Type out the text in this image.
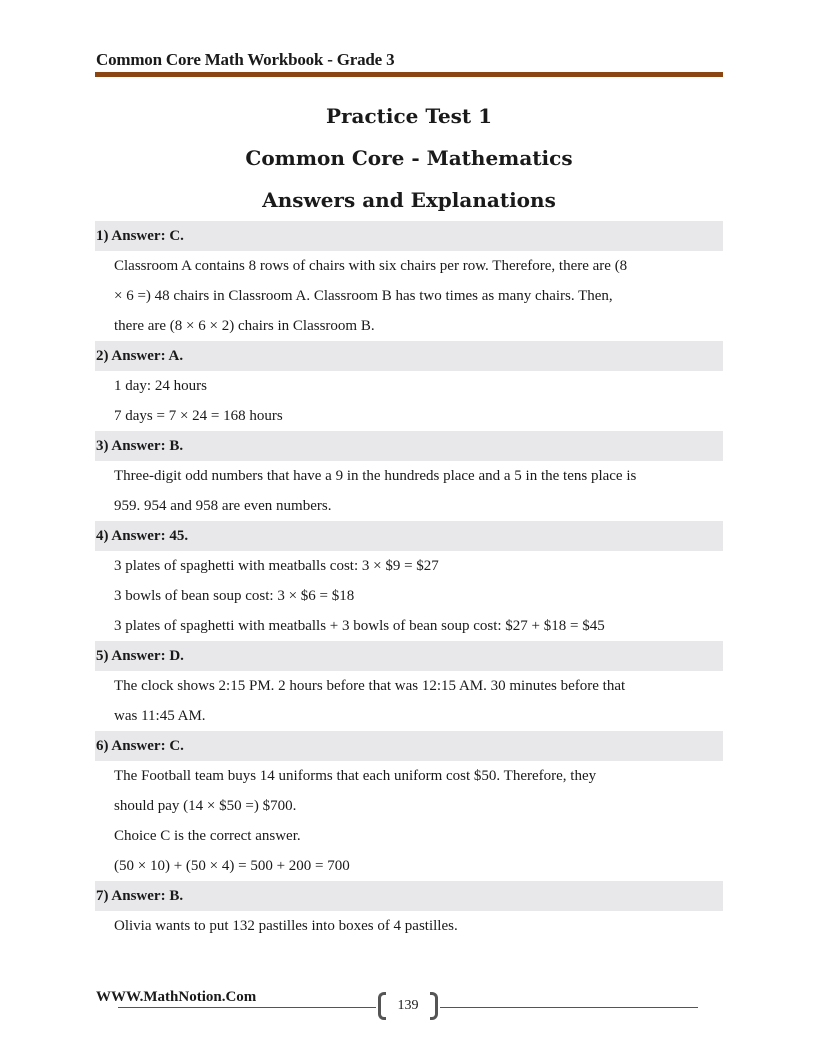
Common Core Math Workbook - Grade 3
Practice Test 1
Common Core - Mathematics
Answers and Explanations
1) Answer: C.
Classroom A contains 8 rows of chairs with six chairs per row. Therefore, there are (8
× 6 =) 48 chairs in Classroom A. Classroom B has two times as many chairs. Then,
there are (8 × 6 × 2) chairs in Classroom B.
2) Answer: A.
1 day: 24 hours
7 days = 7 × 24 = 168 hours
3) Answer: B.
Three-digit odd numbers that have a 9 in the hundreds place and a 5 in the tens place is
959. 954 and 958 are even numbers.
4) Answer: 45.
3 plates of spaghetti with meatballs cost: 3 × $9 = $27
3 bowls of bean soup cost: 3 × $6 = $18
3 plates of spaghetti with meatballs + 3 bowls of bean soup cost: $27 + $18 = $45
5) Answer: D.
The clock shows 2:15 PM. 2 hours before that was 12:15 AM. 30 minutes before that
was 11:45 AM.
6) Answer: C.
The Football team buys 14 uniforms that each uniform cost $50. Therefore, they
should pay (14 × $50 =) $700.
Choice C is the correct answer.
(50 × 10) + (50 × 4) = 500 + 200 = 700
7) Answer: B.
Olivia wants to put 132 pastilles into boxes of 4 pastilles.
WWW.MathNotion.Com
139
